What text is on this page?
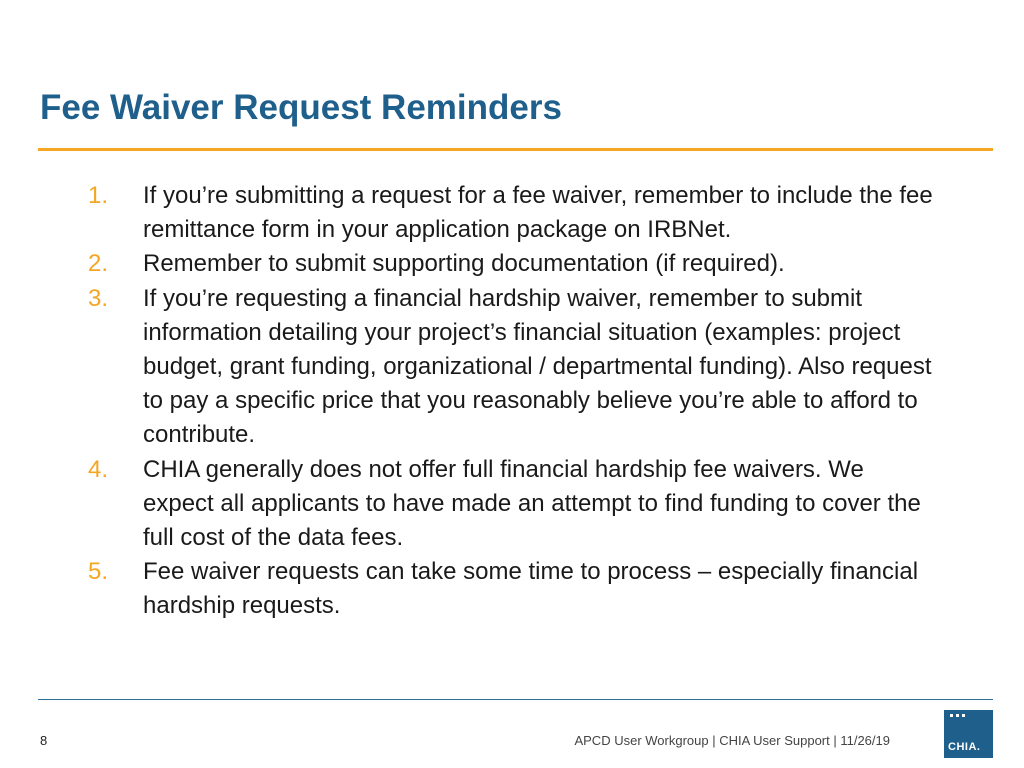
Fee Waiver Request Reminders
1. If you’re submitting a request for a fee waiver, remember to include the fee remittance form in your application package on IRBNet.
2. Remember to submit supporting documentation (if required).
3. If you’re requesting a financial hardship waiver, remember to submit information detailing your project’s financial situation (examples: project budget, grant funding, organizational / departmental funding). Also request to pay a specific price that you reasonably believe you’re able to afford to contribute.
4. CHIA generally does not offer full financial hardship fee waivers. We expect all applicants to have made an attempt to find funding to cover the full cost of the data fees.
5. Fee waiver requests can take some time to process – especially financial hardship requests.
8	APCD User Workgroup | CHIA User Support | 11/26/19	CHIA.
